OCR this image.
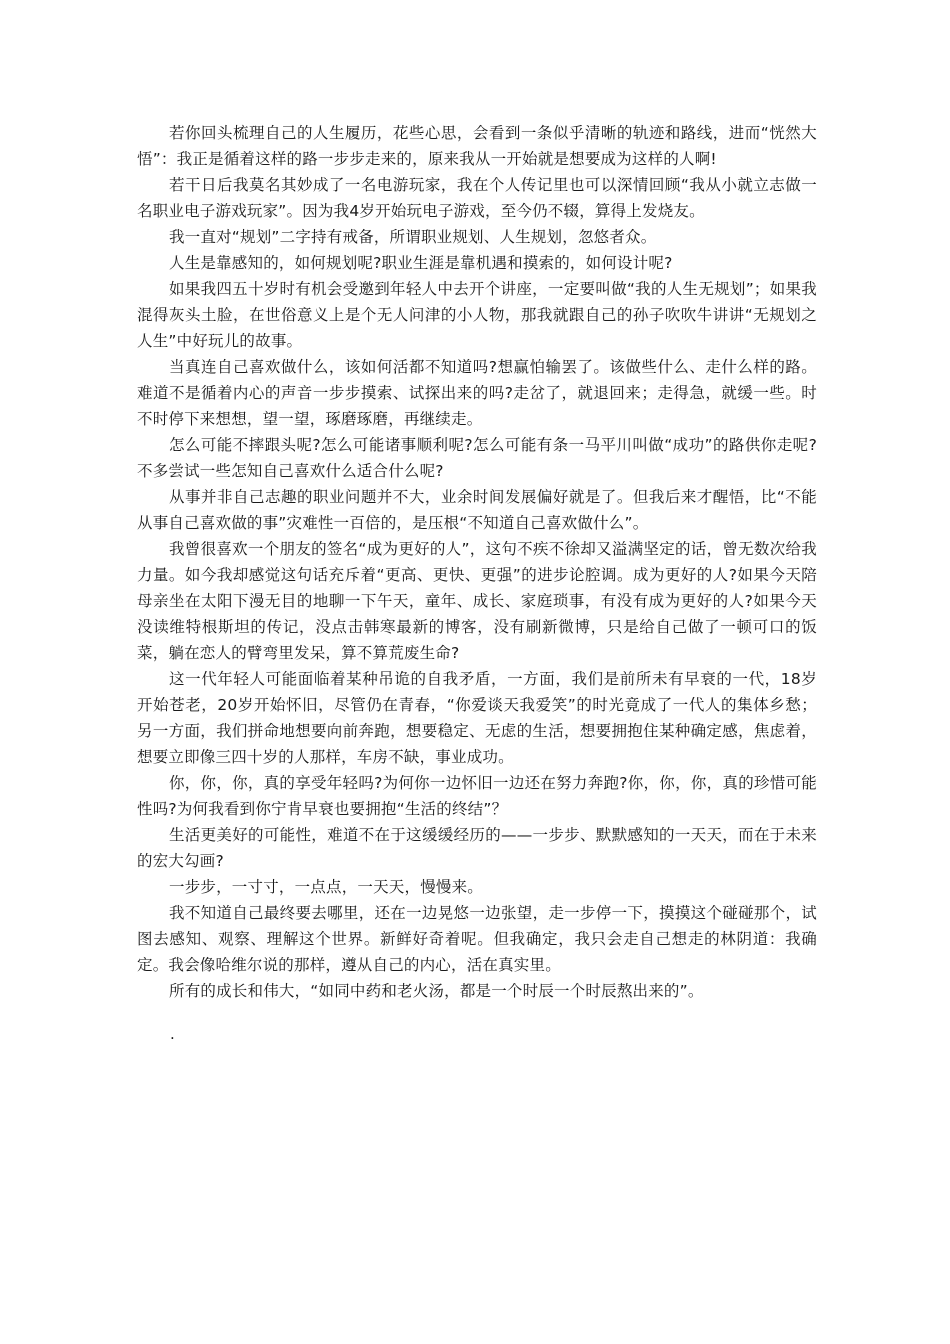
若你回头梳理自己的人生履历，花些心思，会看到一条似乎清晰的轨迹和路线，进而“恍然大悟”：我正是循着这样的路一步步走来的，原来我从一开始就是想要成为这样的人啊!

若干日后我莫名其妙成了一名电游玩家，我在个人传记里也可以深情回顾“我从小就立志做一名职业电子游戏玩家”。因为我4岁开始玩电子游戏，至今仍不辍，算得上发烧友。

我一直对“规划”二字持有戒备，所谓职业规划、人生规划，忽悠者众。

人生是靠感知的，如何规划呢?职业生涯是靠机遇和摸索的，如何设计呢?

如果我四五十岁时有机会受邀到年轻人中去开个讲座，一定要叫做“我的人生无规划”；如果我混得灰头土脸，在世俗意义上是个无人问津的小人物，那我就跟自己的孙子吹吹牛讲讲“无规划之人生”中好玩儿的故事。

当真连自己喜欢做什么，该如何活都不知道吗?想赢怕输罢了。该做些什么、走什么样的路。难道不是循着内心的声音一步步摸索、试探出来的吗?走岔了，就退回来；走得急，就缓一些。时不时停下来想想，望一望，琢磨琢磨，再继续走。

怎么可能不摔跟头呢?怎么可能诸事顺利呢?怎么可能有条一马平川叫做“成功”的路供你走呢?不多尝试一些怎知自己喜欢什么适合什么呢?

从事并非自己志趣的职业问题并不大，业余时间发展偏好就是了。但我后来才醒悟，比“不能从事自己喜欢做的事”灾难性一百倍的，是压根“不知道自己喜欢做什么”。

我曾很喜欢一个朋友的签名“成为更好的人”，这句不疾不徐却又溢满坚定的话，曾无数次给我力量。如今我却感觉这句话充斥着“更高、更快、更强”的进步论腔调。成为更好的人?如果今天陪母亲坐在太阳下漫无目的地聊一下午天，童年、成长、家庭琐事，有没有成为更好的人?如果今天没读维特根斯坦的传记，没点击韩寒最新的博客，没有刷新微博，只是给自己做了一顿可口的饭菜，躺在恋人的臂弯里发呆，算不算荒废生命?

这一代年轻人可能面临着某种吊诡的自我矛盾，一方面，我们是前所未有早衰的一代，18岁开始苍老，20岁开始怀旧，尽管仍在青春，“你爱谈天我爱笑”的时光竟成了一代人的集体乡愁；另一方面，我们拼命地想要向前奔跑，想要稳定、无虑的生活，想要拥抱住某种确定感，焦虑着，想要立即像三四十岁的人那样，车房不缺，事业成功。

你，你，你，真的享受年轻吗?为何你一边怀旧一边还在努力奔跑?你，你，你，真的珍惜可能性吗?为何我看到你宁肯早衰也要拥抱“生活的终结”？

生活更美好的可能性，难道不在于这缓缓经历的——一步步、默默感知的一天天，而在于未来的宏大勾画?

一步步，一寸寸，一点点，一天天，慢慢来。

我不知道自己最终要去哪里，还在一边晃悠一边张望，走一步停一下，摸摸这个碰碰那个，试图去感知、观察、理解这个世界。新鲜好奇着呢。但我确定，我只会走自己想走的林阴道：我确定。我会像哈维尔说的那样，遵从自己的内心，活在真实里。

所有的成长和伟大，“如同中药和老火汤，都是一个时辰一个时辰熬出来的”。

.
